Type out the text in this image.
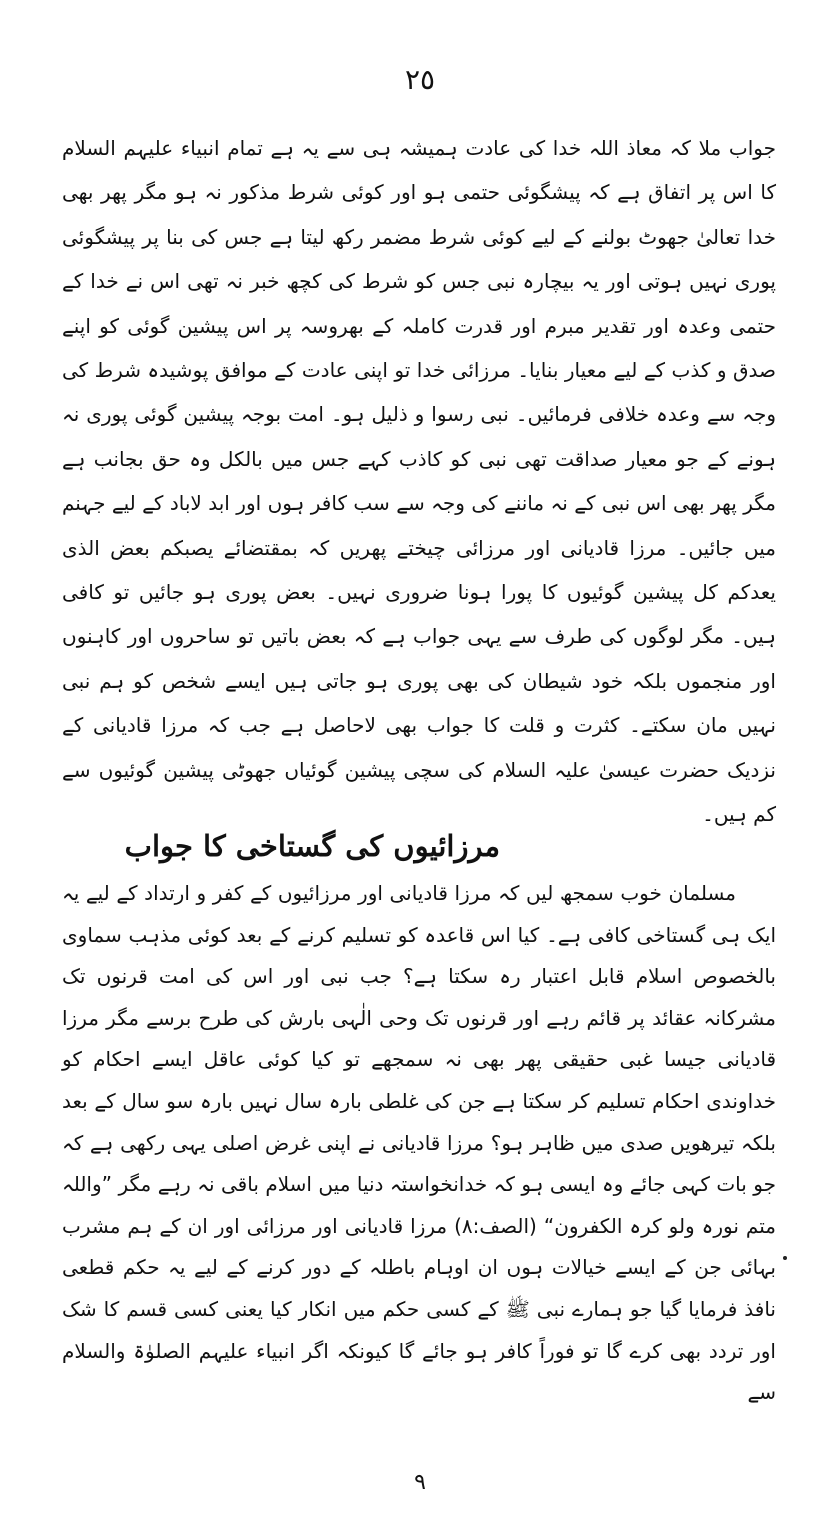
٢٥
جواب ملا کہ معاذ اللہ خدا کی عادت ہمیشہ ہی سے یہ ہے تمام انبیاء علیہم السلام کا اس پر اتفاق ہے کہ پیشگوئی حتمی ہو اور کوئی شرط مذکور نہ ہو مگر پھر بھی خدا تعالیٰ جھوٹ بولنے کے لیے کوئی شرط مضمر رکھ لیتا ہے جس کی بنا پر پیشگوئی پوری نہیں ہوتی اور یہ بیچارہ نبی جس کو شرط کی کچھ خبر نہ تھی اس نے خدا کے حتمی وعدہ اور تقدیر مبرم اور قدرت کاملہ کے بھروسہ پر اس پیشین گوئی کو اپنے صدق و کذب کے لیے معیار بنایا۔ مرزائی خدا تو اپنی عادت کے موافق پوشیدہ شرط کی وجہ سے وعدہ خلافی فرمائیں۔ نبی رسوا و ذلیل ہو۔ امت بوجہ پیشین گوئی پوری نہ ہونے کے جو معیار صداقت تھی نبی کو کاذب کہے جس میں بالکل وہ حق بجانب ہے مگر پھر بھی اس نبی کے نہ ماننے کی وجہ سے سب کافر ہوں اور ابد لاباد کے لیے جہنم میں جائیں۔ مرزا قادیانی اور مرزائی چیختے پھریں کہ بمقتضائے یصبکم بعض الذی یعدکم کل پیشین گوئیوں کا پورا ہونا ضروری نہیں۔ بعض پوری ہو جائیں تو کافی ہیں۔ مگر لوگوں کی طرف سے یہی جواب ہے کہ بعض باتیں تو ساحروں اور کاہنوں اور منجموں بلکہ خود شیطان کی بھی پوری ہو جاتی ہیں ایسے شخص کو ہم نبی نہیں مان سکتے۔ کثرت و قلت کا جواب بھی لاحاصل ہے جب کہ مرزا قادیانی کے نزدیک حضرت عیسیٰ علیہ السلام کی سچی پیشین گوئیاں جھوٹی پیشین گوئیوں سے کم ہیں۔
مرزائیوں کی گستاخی کا جواب
مسلمان خوب سمجھ لیں کہ مرزا قادیانی اور مرزائیوں کے کفر و ارتداد کے لیے یہ ایک ہی گستاخی کافی ہے۔ کیا اس قاعدہ کو تسلیم کرنے کے بعد کوئی مذہب سماوی بالخصوص اسلام قابل اعتبار رہ سکتا ہے؟ جب نبی اور اس کی امت قرنوں تک مشرکانہ عقائد پر قائم رہے اور قرنوں تک وحی الٰہی بارش کی طرح برسے مگر مرزا قادیانی جیسا غبی حقیقی پھر بھی نہ سمجھے تو کیا کوئی عاقل ایسے احکام کو خداوندی احکام تسلیم کر سکتا ہے جن کی غلطی بارہ سال نہیں بارہ سو سال کے بعد بلکہ تیرھویں صدی میں ظاہر ہو؟ مرزا قادیانی نے اپنی غرض اصلی یہی رکھی ہے کہ جو بات کہی جائے وہ ایسی ہو کہ خدانخواستہ دنیا میں اسلام باقی نہ رہے مگر ”واللہ متم نورہ ولو کرہ الکفرون“ (الصف:۸) مرزا قادیانی اور مرزائی اور ان کے ہم مشرب بہائی جن کے ایسے خیالات ہوں ان اوہام باطلہ کے دور کرنے کے لیے یہ حکم قطعی نافذ فرمایا گیا جو ہمارے نبی ﷺ کے کسی حکم میں انکار کیا یعنی کسی قسم کا شک اور تردد بھی کرے گا تو فوراً کافر ہو جائے گا کیونکہ اگر انبیاء علیہم الصلوٰۃ والسلام سے
٩
